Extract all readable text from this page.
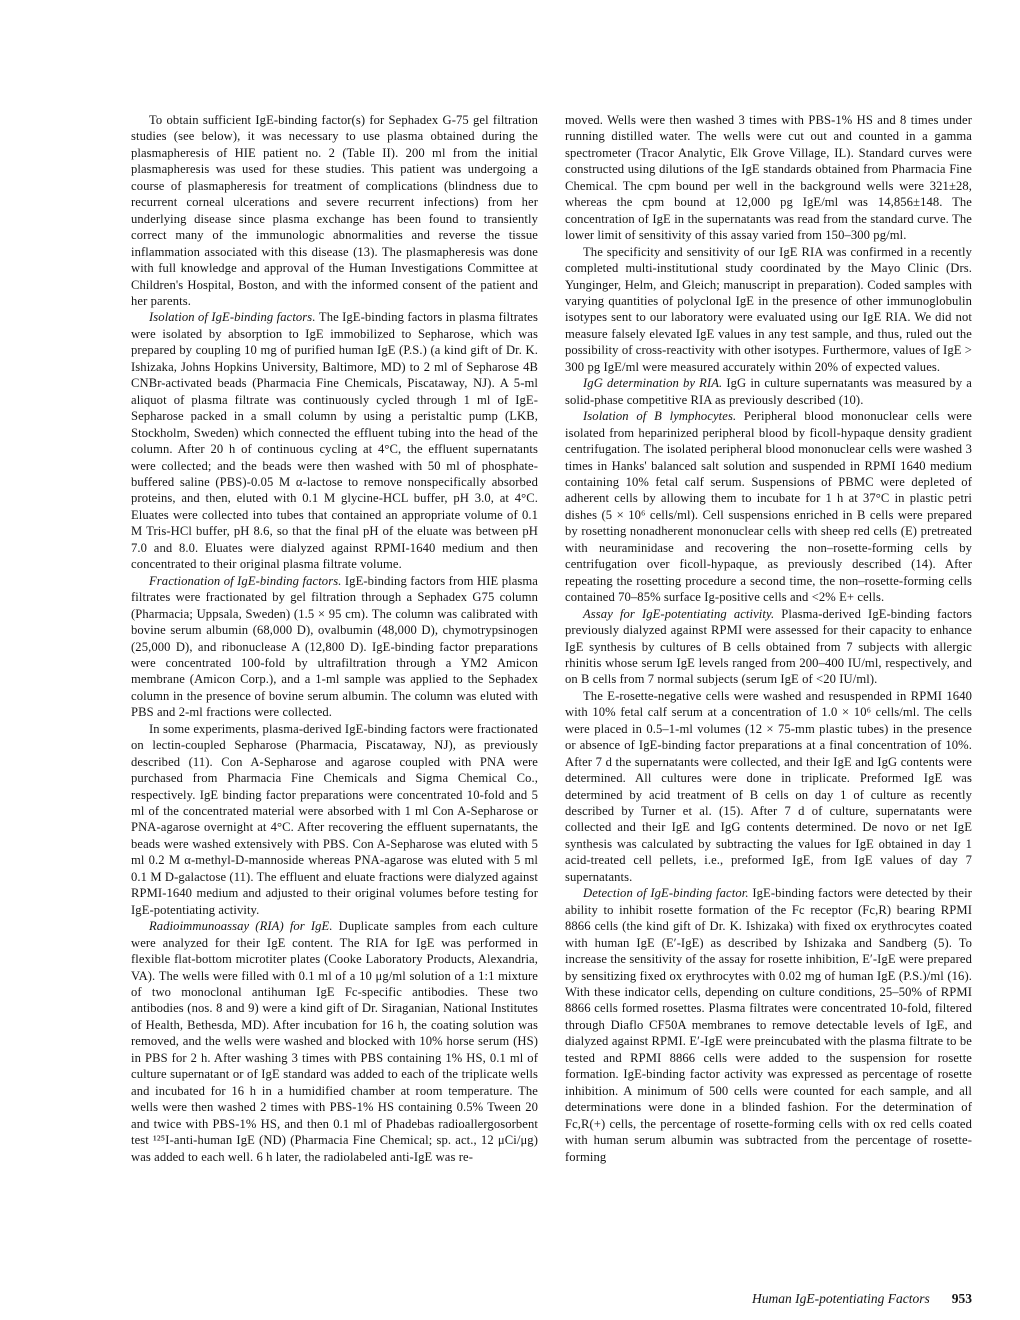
To obtain sufficient IgE-binding factor(s) for Sephadex G-75 gel filtration studies (see below), it was necessary to use plasma obtained during the plasmapheresis of HIE patient no. 2 (Table II). 200 ml from the initial plasmapheresis was used for these studies. This patient was undergoing a course of plasmapheresis for treatment of complications (blindness due to recurrent corneal ulcerations and severe recurrent infections) from her underlying disease since plasma exchange has been found to transiently correct many of the immunologic abnormalities and reverse the tissue inflammation associated with this disease (13). The plasmapheresis was done with full knowledge and approval of the Human Investigations Committee at Children's Hospital, Boston, and with the informed consent of the patient and her parents.

Isolation of IgE-binding factors. The IgE-binding factors in plasma filtrates were isolated by absorption to IgE immobilized to Sepharose, which was prepared by coupling 10 mg of purified human IgE (P.S.) (a kind gift of Dr. K. Ishizaka, Johns Hopkins University, Baltimore, MD) to 2 ml of Sepharose 4B CNBr-activated beads (Pharmacia Fine Chemicals, Piscataway, NJ). A 5-ml aliquot of plasma filtrate was continuously cycled through 1 ml of IgE-Sepharose packed in a small column by using a peristaltic pump (LKB, Stockholm, Sweden) which connected the effluent tubing into the head of the column. After 20 h of continuous cycling at 4°C, the effluent supernatants were collected; and the beads were then washed with 50 ml of phosphate-buffered saline (PBS)-0.05 M α-lactose to remove nonspecifically absorbed proteins, and then, eluted with 0.1 M glycine-HCL buffer, pH 3.0, at 4°C. Eluates were collected into tubes that contained an appropriate volume of 0.1 M Tris-HCl buffer, pH 8.6, so that the final pH of the eluate was between pH 7.0 and 8.0. Eluates were dialyzed against RPMI-1640 medium and then concentrated to their original plasma filtrate volume.

Fractionation of IgE-binding factors. IgE-binding factors from HIE plasma filtrates were fractionated by gel filtration through a Sephadex G75 column (Pharmacia; Uppsala, Sweden) (1.5 × 95 cm). The column was calibrated with bovine serum albumin (68,000 D), ovalbumin (48,000 D), chymotrypsinogen (25,000 D), and ribonuclease A (12,800 D). IgE-binding factor preparations were concentrated 100-fold by ultrafiltration through a YM2 Amicon membrane (Amicon Corp.), and a 1-ml sample was applied to the Sephadex column in the presence of bovine serum albumin. The column was eluted with PBS and 2-ml fractions were collected.

In some experiments, plasma-derived IgE-binding factors were fractionated on lectin-coupled Sepharose (Pharmacia, Piscataway, NJ), as previously described (11). Con A-Sepharose and agarose coupled with PNA were purchased from Pharmacia Fine Chemicals and Sigma Chemical Co., respectively. IgE binding factor preparations were concentrated 10-fold and 5 ml of the concentrated material were absorbed with 1 ml Con A-Sepharose or PNA-agarose overnight at 4°C. After recovering the effluent supernatants, the beads were washed extensively with PBS. Con A-Sepharose was eluted with 5 ml 0.2 M α-methyl-D-mannoside whereas PNA-agarose was eluted with 5 ml 0.1 M D-galactose (11). The effluent and eluate fractions were dialyzed against RPMI-1640 medium and adjusted to their original volumes before testing for IgE-potentiating activity.

Radioimmunoassay (RIA) for IgE. Duplicate samples from each culture were analyzed for their IgE content. The RIA for IgE was performed in flexible flat-bottom microtiter plates (Cooke Laboratory Products, Alexandria, VA). The wells were filled with 0.1 ml of a 10 μg/ml solution of a 1:1 mixture of two monoclonal antihuman IgE Fc-specific antibodies. These two antibodies (nos. 8 and 9) were a kind gift of Dr. Siraganian, National Institutes of Health, Bethesda, MD). After incubation for 16 h, the coating solution was removed, and the wells were washed and blocked with 10% horse serum (HS) in PBS for 2 h. After washing 3 times with PBS containing 1% HS, 0.1 ml of culture supernatant or of IgE standard was added to each of the triplicate wells and incubated for 16 h in a humidified chamber at room temperature. The wells were then washed 2 times with PBS-1% HS containing 0.5% Tween 20 and twice with PBS-1% HS, and then 0.1 ml of Phadebas radioallergosorbent test ¹²⁵I-anti-human IgE (ND) (Pharmacia Fine Chemical; sp. act., 12 μCi/μg) was added to each well. 6 h later, the radiolabeled anti-IgE was re-

moved. Wells were then washed 3 times with PBS-1% HS and 8 times under running distilled water. The wells were cut out and counted in a gamma spectrometer (Tracor Analytic, Elk Grove Village, IL). Standard curves were constructed using dilutions of the IgE standards obtained from Pharmacia Fine Chemical. The cpm bound per well in the background wells were 321±28, whereas the cpm bound at 12,000 pg IgE/ml was 14,856±148. The concentration of IgE in the supernatants was read from the standard curve. The lower limit of sensitivity of this assay varied from 150–300 pg/ml.

The specificity and sensitivity of our IgE RIA was confirmed in a recently completed multi-institutional study coordinated by the Mayo Clinic (Drs. Yunginger, Helm, and Gleich; manuscript in preparation). Coded samples with varying quantities of polyclonal IgE in the presence of other immunoglobulin isotypes sent to our laboratory were evaluated using our IgE RIA. We did not measure falsely elevated IgE values in any test sample, and thus, ruled out the possibility of cross-reactivity with other isotypes. Furthermore, values of IgE > 300 pg IgE/ml were measured accurately within 20% of expected values.

IgG determination by RIA. IgG in culture supernatants was measured by a solid-phase competitive RIA as previously described (10).

Isolation of B lymphocytes. Peripheral blood mononuclear cells were isolated from heparinized peripheral blood by ficoll-hypaque density gradient centrifugation. The isolated peripheral blood mononuclear cells were washed 3 times in Hanks' balanced salt solution and suspended in RPMI 1640 medium containing 10% fetal calf serum. Suspensions of PBMC were depleted of adherent cells by allowing them to incubate for 1 h at 37°C in plastic petri dishes (5 × 10⁶ cells/ml). Cell suspensions enriched in B cells were prepared by rosetting nonadherent mononuclear cells with sheep red cells (E) pretreated with neuraminidase and recovering the non–rosette-forming cells by centrifugation over ficoll-hypaque, as previously described (14). After repeating the rosetting procedure a second time, the non–rosette-forming cells contained 70–85% surface Ig-positive cells and <2% E+ cells.

Assay for IgE-potentiating activity. Plasma-derived IgE-binding factors previously dialyzed against RPMI were assessed for their capacity to enhance IgE synthesis by cultures of B cells obtained from 7 subjects with allergic rhinitis whose serum IgE levels ranged from 200–400 IU/ml, respectively, and on B cells from 7 normal subjects (serum IgE of <20 IU/ml).

The E-rosette-negative cells were washed and resuspended in RPMI 1640 with 10% fetal calf serum at a concentration of 1.0 × 10⁶ cells/ml. The cells were placed in 0.5–1-ml volumes (12 × 75-mm plastic tubes) in the presence or absence of IgE-binding factor preparations at a final concentration of 10%. After 7 d the supernatants were collected, and their IgE and IgG contents were determined. All cultures were done in triplicate. Preformed IgE was determined by acid treatment of B cells on day 1 of culture as recently described by Turner et al. (15). After 7 d of culture, supernatants were collected and their IgE and IgG contents determined. De novo or net IgE synthesis was calculated by subtracting the values for IgE obtained in day 1 acid-treated cell pellets, i.e., preformed IgE, from IgE values of day 7 supernatants.

Detection of IgE-binding factor. IgE-binding factors were detected by their ability to inhibit rosette formation of the Fc receptor (Fc,R) bearing RPMI 8866 cells (the kind gift of Dr. K. Ishizaka) with fixed ox erythrocytes coated with human IgE (E′-IgE) as described by Ishizaka and Sandberg (5). To increase the sensitivity of the assay for rosette inhibition, E′-IgE were prepared by sensitizing fixed ox erythrocytes with 0.02 mg of human IgE (P.S.)/ml (16). With these indicator cells, depending on culture conditions, 25–50% of RPMI 8866 cells formed rosettes. Plasma filtrates were concentrated 10-fold, filtered through Diaflo CF50A membranes to remove detectable levels of IgE, and dialyzed against RPMI. E′-IgE were preincubated with the plasma filtrate to be tested and RPMI 8866 cells were added to the suspension for rosette formation. IgE-binding factor activity was expressed as percentage of rosette inhibition. A minimum of 500 cells were counted for each sample, and all determinations were done in a blinded fashion. For the determination of Fc,R(+) cells, the percentage of rosette-forming cells with ox red cells coated with human serum albumin was subtracted from the percentage of rosette-forming

Human IgE-potentiating Factors 953
